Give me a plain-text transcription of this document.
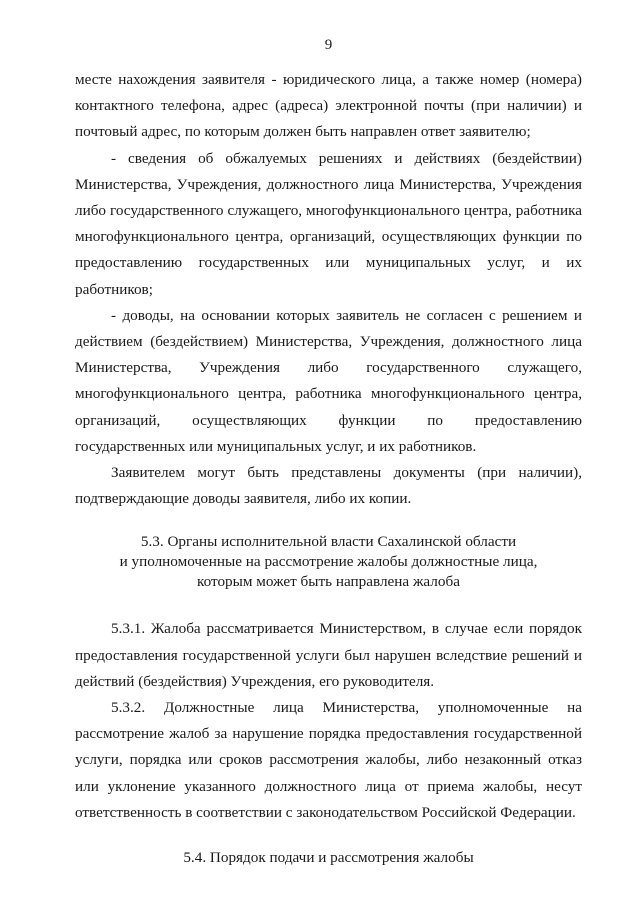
9

месте нахождения заявителя - юридического лица, а также номер (номера) контактного телефона, адрес (адреса) электронной почты (при наличии) и почтовый адрес, по которым должен быть направлен ответ заявителю;

- сведения об обжалуемых решениях и действиях (бездействии) Министерства, Учреждения, должностного лица Министерства, Учреждения либо государственного служащего, многофункционального центра, работника многофункционального центра, организаций, осуществляющих функции по предоставлению государственных или муниципальных услуг, и их работников;

- доводы, на основании которых заявитель не согласен с решением и действием (бездействием) Министерства, Учреждения, должностного лица Министерства, Учреждения либо государственного служащего, многофункционального центра, работника многофункционального центра, организаций, осуществляющих функции по предоставлению государственных или муниципальных услуг, и их работников.

Заявителем могут быть представлены документы (при наличии), подтверждающие доводы заявителя, либо их копии.

5.3. Органы исполнительной власти Сахалинской области
и уполномоченные на рассмотрение жалобы должностные лица,
которым может быть направлена жалоба

5.3.1. Жалоба рассматривается Министерством, в случае если порядок предоставления государственной услуги был нарушен вследствие решений и действий (бездействия) Учреждения, его руководителя.

5.3.2. Должностные лица Министерства, уполномоченные на рассмотрение жалоб за нарушение порядка предоставления государственной услуги, порядка или сроков рассмотрения жалобы, либо незаконный отказ или уклонение указанного должностного лица от приема жалобы, несут ответственность в соответствии с законодательством Российской Федерации.

5.4. Порядок подачи и рассмотрения жалобы
